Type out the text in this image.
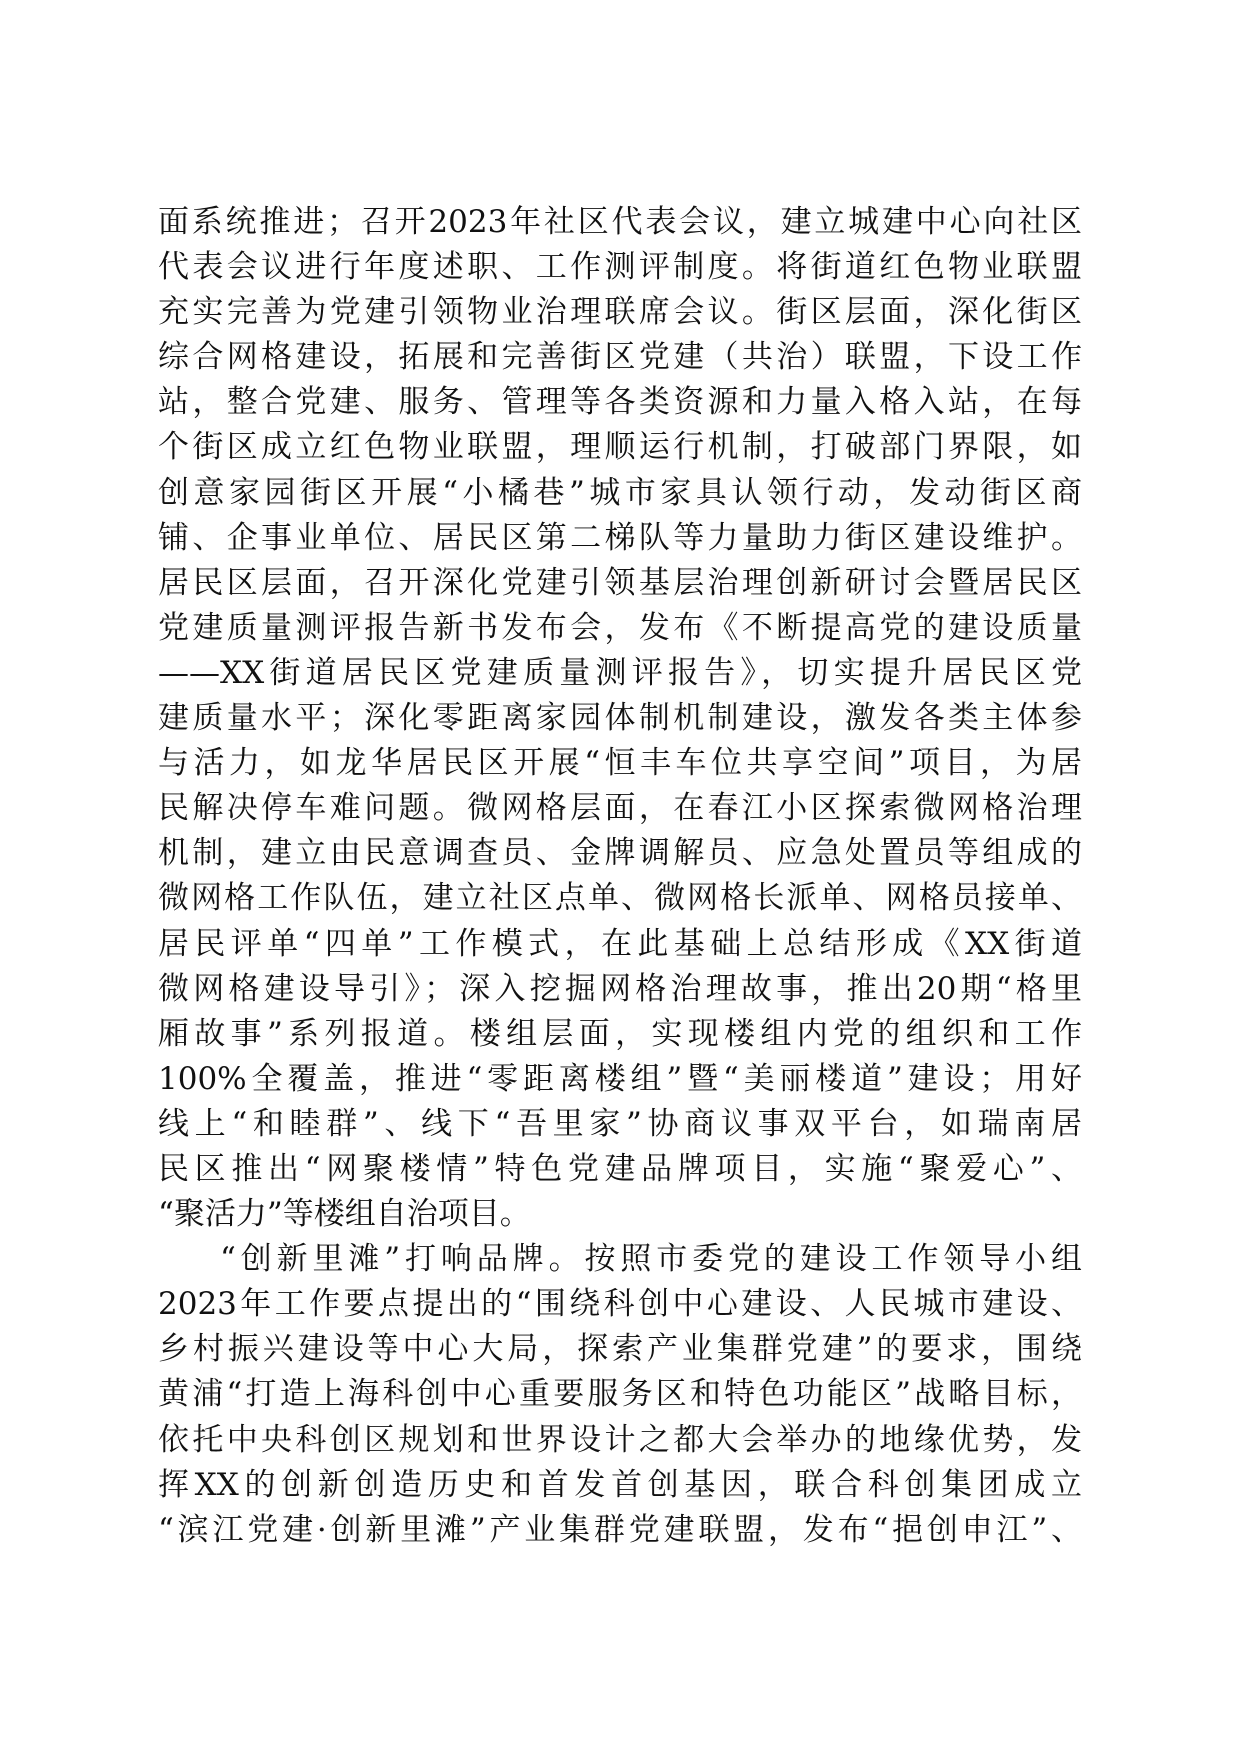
面系统推进；召开2023年社区代表会议，建立城建中心向社区
代表会议进行年度述职、工作测评制度。将街道红色物业联盟
充实完善为党建引领物业治理联席会议。街区层面，深化街区
综合网格建设，拓展和完善街区党建（共治）联盟，下设工作
站，整合党建、服务、管理等各类资源和力量入格入站，在每
个街区成立红色物业联盟，理顺运行机制，打破部门界限，如
创意家园街区开展“小橘巷”城市家具认领行动，发动街区商
铺、企事业单位、居民区第二梯队等力量助力街区建设维护。
居民区层面，召开深化党建引领基层治理创新研讨会暨居民区
党建质量测评报告新书发布会，发布《不断提高党的建设质量
——XX街道居民区党建质量测评报告》，切实提升居民区党
建质量水平；深化零距离家园体制机制建设，激发各类主体参
与活力，如龙华居民区开展“恒丰车位共享空间”项目，为居
民解决停车难问题。微网格层面，在春江小区探索微网格治理
机制，建立由民意调查员、金牌调解员、应急处置员等组成的
微网格工作队伍，建立社区点单、微网格长派单、网格员接单、
居民评单“四单”工作模式，在此基础上总结形成《XX街道
微网格建设导引》；深入挖掘网格治理故事，推出20期“格里
厢故事”系列报道。楼组层面，实现楼组内党的组织和工作
100%全覆盖，推进“零距离楼组”暨“美丽楼道”建设；用好
线上“和睦群”、线下“吾里家”协商议事双平台，如瑞南居
民区推出“网聚楼情”特色党建品牌项目，实施“聚爱心”、
“聚活力”等楼组自治项目。
“创新里滩”打响品牌。按照市委党的建设工作领导小组
2023年工作要点提出的“围绕科创中心建设、人民城市建设、
乡村振兴建设等中心大局，探索产业集群党建”的要求，围绕
黄浦“打造上海科创中心重要服务区和特色功能区”战略目标，
依托中央科创区规划和世界设计之都大会举办的地缘优势，发
挥XX的创新创造历史和首发首创基因，联合科创集团成立
“滨江党建·创新里滩”产业集群党建联盟，发布“挹创申江”、
